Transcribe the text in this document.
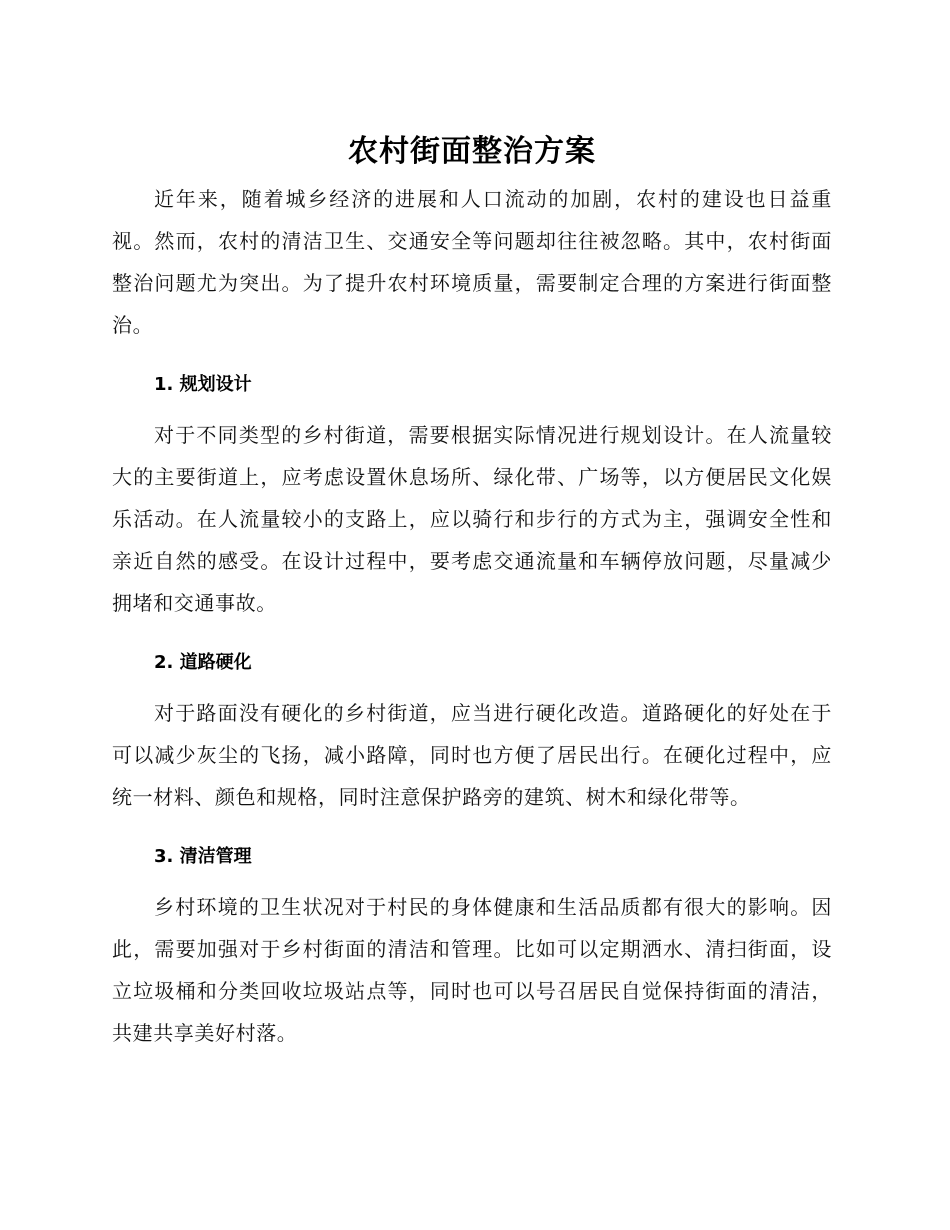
农村街面整治方案

近年来，随着城乡经济的进展和人口流动的加剧，农村的建设也日益重视。然而，农村的清洁卫生、交通安全等问题却往往被忽略。其中，农村街面整治问题尤为突出。为了提升农村环境质量，需要制定合理的方案进行街面整治。

1. 规划设计

对于不同类型的乡村街道，需要根据实际情况进行规划设计。在人流量较大的主要街道上，应考虑设置休息场所、绿化带、广场等，以方便居民文化娱乐活动。在人流量较小的支路上，应以骑行和步行的方式为主，强调安全性和亲近自然的感受。在设计过程中，要考虑交通流量和车辆停放问题，尽量减少拥堵和交通事故。

2. 道路硬化

对于路面没有硬化的乡村街道，应当进行硬化改造。道路硬化的好处在于可以减少灰尘的飞扬，减小路障，同时也方便了居民出行。在硬化过程中，应统一材料、颜色和规格，同时注意保护路旁的建筑、树木和绿化带等。

3. 清洁管理

乡村环境的卫生状况对于村民的身体健康和生活品质都有很大的影响。因此，需要加强对于乡村街面的清洁和管理。比如可以定期洒水、清扫街面，设立垃圾桶和分类回收垃圾站点等，同时也可以号召居民自觉保持街面的清洁，共建共享美好村落。
